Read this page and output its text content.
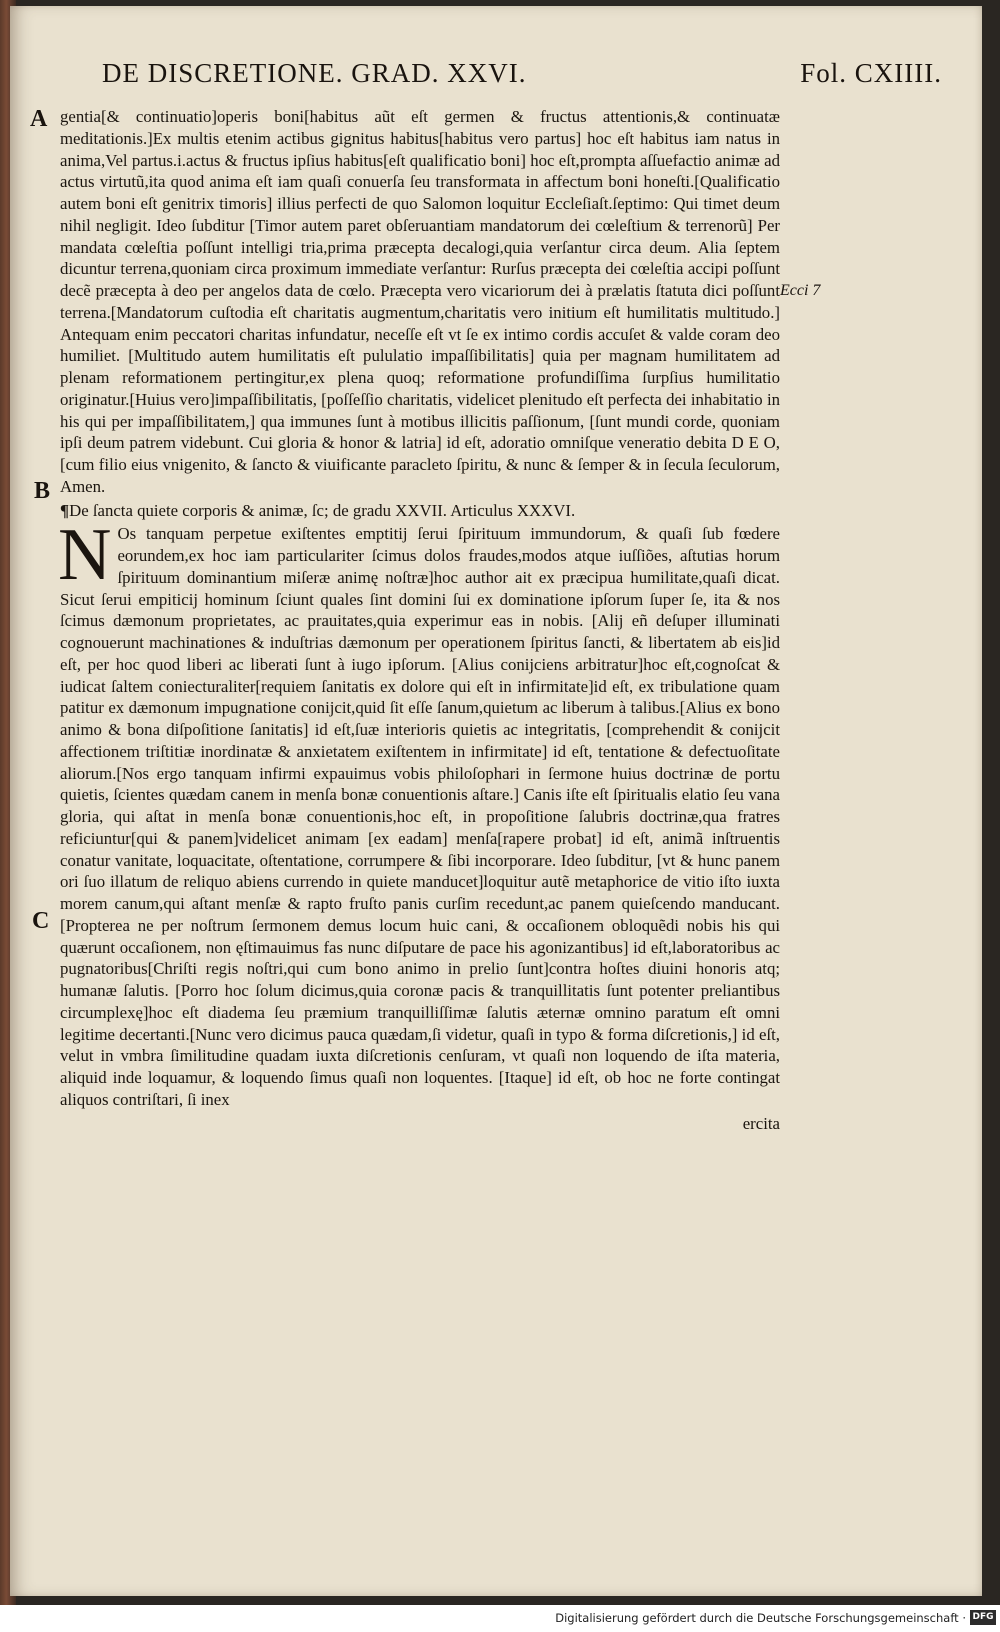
DE DISCRETIONE. GRAD. XXVI.	Fol. CXIIII.
A
B
C
Ecci 7

gentia[& continuatio]operis boni[habitus aũt eſt germen & fructus attentionis,& continuatæ meditationis.]Ex multis etenim actibus gignitus habitus[habitus vero partus] hoc eſt habitus iam natus in anima,Vel partus.i.actus & fructus ipſius habitus[eſt qualificatio boni] hoc eſt,prompta aſſuefactio animæ ad actus virtutũ,ita quod anima eſt iam quaſi conuerſa ſeu transformata in affectum boni honeſti.[Qualificatio autem boni eſt genitrix timoris] illius perfecti de quo Salomon loquitur Eccleſiaſt.ſeptimo: Qui timet deum nihil negligit. Ideo ſubditur [Timor autem paret obſeruantiam mandatorum dei cœleſtium & terrenorũ] Per mandata cœleſtia poſſunt intelligi tria,prima præcepta decalogi,quia verſantur circa deum. Alia ſeptem dicuntur terrena,quoniam circa proximum immediate verſantur: Rurſus præcepta dei cœleſtia accipi poſſunt decẽ præcepta à deo per angelos data de cœlo. Præcepta vero vicariorum dei à prælatis ſtatuta dici poſſunt terrena.[Mandatorum cuſtodia eſt charitatis augmentum,charitatis vero initium eſt humilitatis multitudo.] Antequam enim peccatori charitas infundatur, neceſſe eſt vt ſe ex intimo cordis accuſet & valde coram deo humiliet. [Multitudo autem humilitatis eſt pululatio impaſſibilitatis] quia per magnam humilitatem ad plenam reformationem pertingitur,ex plena quoq; reformatione profundiſſima ſurpſius humilitatio originatur.[Huius vero]impaſſibilitatis, [poſſeſſio charitatis, videlicet plenitudo eſt perfecta dei inhabitatio in his qui per impaſſibilitatem,] qua immunes ſunt à motibus illicitis paſſionum, [ſunt mundi corde, quoniam ipſi deum patrem videbunt. Cui gloria & honor & latria] id eſt, adoratio omniſque veneratio debita D E O, [cum filio eius vnigenito, & ſancto & viuificante paracleto ſpiritu, & nunc & ſemper & in ſecula ſeculorum, Amen.

¶De ſancta quiete corporis & animæ, ſc; de gradu XXVII. Articulus XXXVI.

N Os tanquam perpetue exiſtentes emptitij ſerui ſpirituum immundorum, & quaſi ſub fœdere eorundem,ex hoc iam particulariter ſcimus dolos fraudes,modos atque iuſſiões, aſtutias horum ſpirituum dominantium miſeræ animę noſtræ]hoc author ait ex præcipua humilitate,quaſi dicat. Sicut ſerui empiticij hominum ſciunt quales ſint domini ſui ex dominatione ipſorum ſuper ſe, ita & nos ſcimus dæmonum proprietates, ac prauitates,quia experimur eas in nobis. [Alij eñ deſuper illuminati cognouerunt machinationes & induſtrias dæmonum per operationem ſpiritus ſancti, & libertatem ab eis]id eſt, per hoc quod liberi ac liberati ſunt à iugo ipſorum. [Alius conijciens arbitratur]hoc eſt,cognoſcat & iudicat ſaltem coniecturaliter[requiem ſanitatis ex dolore qui eſt in infirmitate]id eſt, ex tribulatione quam patitur ex dæmonum impugnatione conijcit,quid ſit eſſe ſanum,quietum ac liberum à talibus.[Alius ex bono animo & bona diſpoſitione ſanitatis] id eſt,ſuæ interioris quietis ac integritatis, [comprehendit & conijcit affectionem triſtitiæ inordinatæ & anxietatem exiſtentem in infirmitate] id eſt, tentatione & defectuoſitate aliorum.[Nos ergo tanquam infirmi expauimus vobis philoſophari in ſermone huius doctrinæ de portu quietis, ſcientes quædam canem in menſa bonæ conuentionis aſtare.] Canis iſte eſt ſpiritualis elatio ſeu vana gloria, qui aſtat in menſa bonæ conuentionis,hoc eſt, in propoſitione ſalubris doctrinæ,qua fratres reficiuntur[qui & panem]videlicet animam [ex eadam] menſa[rapere probat] id eſt, animã inſtruentis conatur vanitate, loquacitate, oſtentatione, corrumpere & ſibi incorporare. Ideo ſubditur, [vt & hunc panem ori ſuo illatum de reliquo abiens currendo in quiete manducet]loquitur autẽ metaphorice de vitio iſto iuxta morem canum,qui aſtant menſæ & rapto fruſto panis curſim recedunt,ac panem quieſcendo manducant. [Propterea ne per noſtrum ſermonem demus locum huic cani, & occaſionem obloquẽdi nobis his qui quærunt occaſionem, non ęſtimauimus fas nunc diſputare de pace his agonizantibus] id eſt,laboratoribus ac pugnatoribus[Chriſti regis noſtri,qui cum bono animo in prelio ſunt]contra hoſtes diuini honoris atq; humanæ ſalutis. [Porro hoc ſolum dicimus,quia coronæ pacis & tranquillitatis ſunt potenter preliantibus circumplexę]hoc eſt diadema ſeu præmium tranquilliſſimæ ſalutis æternæ omnino paratum eſt omni legitime decertanti.[Nunc vero dicimus pauca quædam,ſi videtur, quaſi in typo & forma diſcretionis,] id eſt, velut in vmbra ſimilitudine quadam iuxta diſcretionis cenſuram, vt quaſi non loquendo de iſta materia, aliquid inde loquamur, & loquendo ſimus quaſi non loquentes. [Itaque] id eſt, ob hoc ne forte contingat aliquos contriſtari, ſi inex

ercita
Digitalisierung gefördert durch die Deutsche Forschungsgemeinschaft · DFG
